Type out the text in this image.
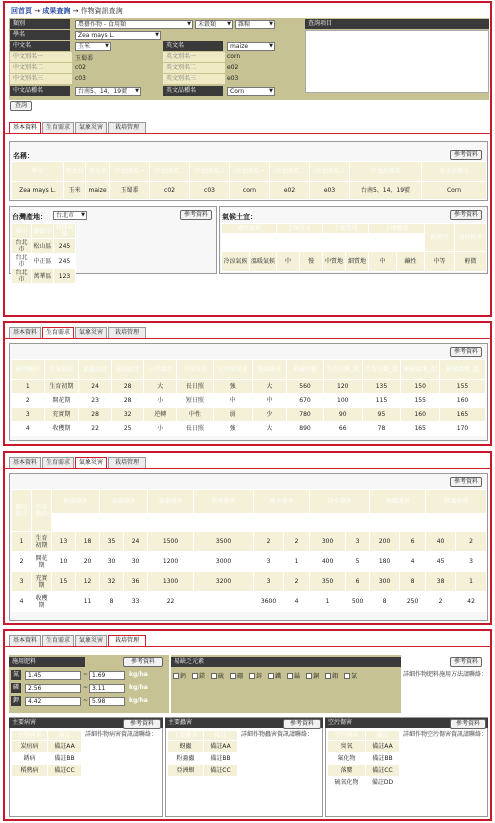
回首頁 → 成果查詢 → 作物資訊查詢
類別	農藝作物 - 食用類 ▼	禾穀類 ▼	雜糧 ▼	查詢項目
學名	Zea mays L. ▼
中文名	玉米 ▼	英文名	maize ▼
中文別名一	玉蜀黍	英文別名一	corn
中文別名二	c02	英文別名二	e02
中文別名三	c03	英文別名三	e03
中文品種名	台南5、14、19號 ▼	英文品種名	Corn ▼
查詢
基本資料	生育需求	氣象災害	栽培管理
名稱：	參考資料
學名	中文名	英文名	中文別名一	中文別名二	中文別名三	英文別名一	英文別名二	英文別名三	中文品種名	英文品種名
Zea mays L.	玉米	maize	玉蜀黍	c02	c03	corn	e02	e03	台南5、14、19號	Corn
台灣產地：	台北市 ▼	參考資料
縣市	鄉鎮市	栽種面積
台北市	松山區	245
台北市	中正區	245
台北市	萬華區	123
氣候土宜：	參考資料
適宜氣候		土壤排水		土壤質地		土壤酸度		耐鹽性	連作障害
範疇	評分	範疇	評分	範疇	評分	範疇	評分		
冷涼氣候	溫暖氣候	中	慢	中質地	細質地	中	鹼性	中等	輕微
基本資料	生育需求	氣象災害	栽培管理
參考資料
階段順序	生育階段	最低溫度	最高溫度	日夜溫差	日照需求	日射量需求	通風需求	最適雨量	生育日數_起	生育日數_迄	累積溫度_起	累積溫度_迄
1	生育初期	24	28	大	長日照	強	大	560	120	135	150	155
2	開花期	23	28	小	短日照	中	中	670	100	115	155	160
3	充實期	28	32	逆轉	中性	弱	少	780	90	95	160	165
4	收穫期	22	25	小	長日照	強	大	890	66	78	165	170
基本資料	生育需求	氣象災害	栽培管理
參考資料
階段順序	生育階段	低溫傷害		高溫傷害		豪雨傷害	雷雨傷害	淹水傷害		缺水傷害		強風傷害		焚風傷害		
		≧(℃)	≧(hr)	≧(℃)	≧(hr)	≧(mm/hr)	≧(mm/day)	≧(day)	≧(hr)	≧(m/day)	≧(day)	≧(m/s)	≧(hr)	≧(℃)	≧(%RH)	
1	生育初期	13	18	35	24	1500	3500	2	2	300	3	200	6	40	2	
2	開花期	10	20	30	30	1200	3000	3	1	400	5	180	4	45	3	
3	充實期	15	12	32	36	1300	3200	3	2	350	6	300	8	38	1	
4	收穫期		11	8	33	22		3600	4	1	500	8	250	2	42	
基本資料	生育需求	氣象災害	栽培管理
施用肥料	參考資料
氮	1.45	~ 1.69	kg/ha
磷	2.56	~ 3.11	kg/ha
鉀	4.42	~ 5.98	kg/ha
易缺乏元素
鈣 鎂 硫 硼 鋅 鐵 錳 銅 鉬 氯
參考資料
詳細作物肥料施用方法請聯絡：
主要病害	參考資料
主要病害	備註
炭疽病	備註AA
銹病	備註BB
稻熱病	備註CC
詳細作物病害資訊請聯絡：
主要蟲害	參考資料
主要蟲害	備註
蚜蟲	備註AA
粉蝨蟲	備註BB
亞洲螟	備註CC
詳細作物蟲害資訊請聯絡：
空污傷害	參考資料
空污傷害	備註
臭氧	備註AA
氟化物	備註BB
落塵	備註CC
硫氧化物	備註DD
詳細作物空污傷害資訊請聯絡：
